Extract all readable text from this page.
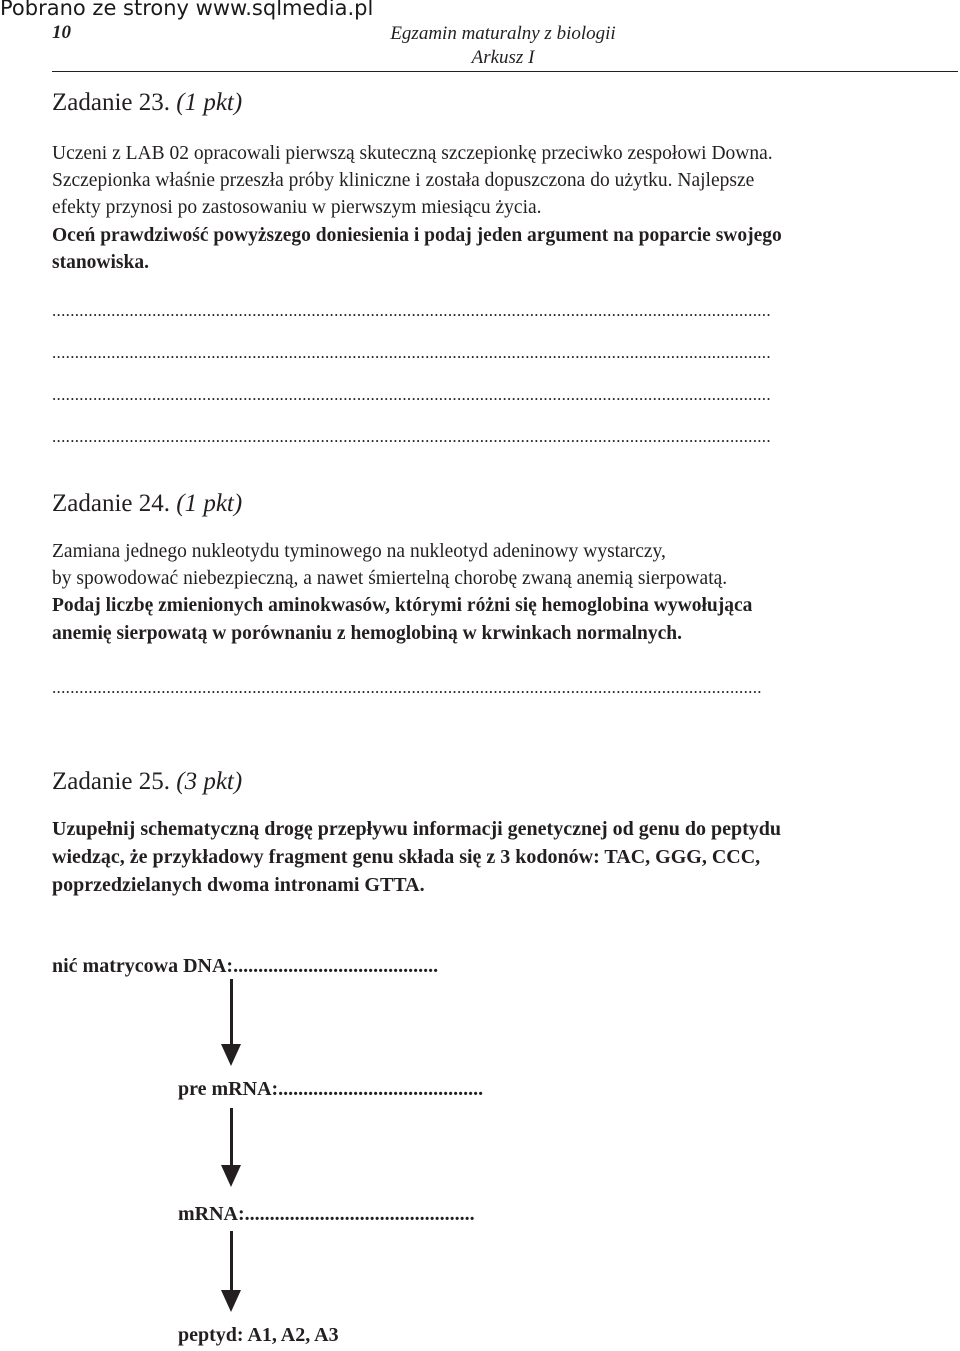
Pobrano ze strony www.sqlmedia.pl
10	Egzamin maturalny z biologii
Arkusz I
Zadanie 23. (1 pkt)
Uczeni z LAB 02 opracowali pierwszą skuteczną szczepionkę przeciwko zespołowi Downa.
Szczepionka właśnie przeszła próby kliniczne i została dopuszczona do użytku. Najlepsze
efekty przynosi po zastosowaniu w pierwszym miesiącu życia.
Oceń prawdziwość powyższego doniesienia i podaj jeden argument na poparcie swojego
stanowiska.
..............................................................................................................................................................
..............................................................................................................................................................
..............................................................................................................................................................
..............................................................................................................................................................
Zadanie 24. (1 pkt)
Zamiana jednego nukleotydu tyminowego na nukleotyd adeninowy wystarczy,
by spowodować niebezpieczną, a nawet śmiertelną chorobę zwaną anemią sierpowatą.
Podaj liczbę zmienionych aminokwasów, którymi różni się hemoglobina wywołująca
anemię sierpowatą w porównaniu z hemoglobiną w krwinkach normalnych.
............................................................................................................................................................
Zadanie 25. (3 pkt)
Uzupełnij schematyczną drogę przepływu informacji genetycznej od genu do peptydu
wiedząc, że przykładowy fragment genu składa się z 3 kodonów: TAC, GGG, CCC,
poprzedzielanych dwoma intronami GTTA.
nić matrycowa DNA:.........................................
pre mRNA:.........................................
mRNA:..............................................
peptyd: A1, A2, A3
